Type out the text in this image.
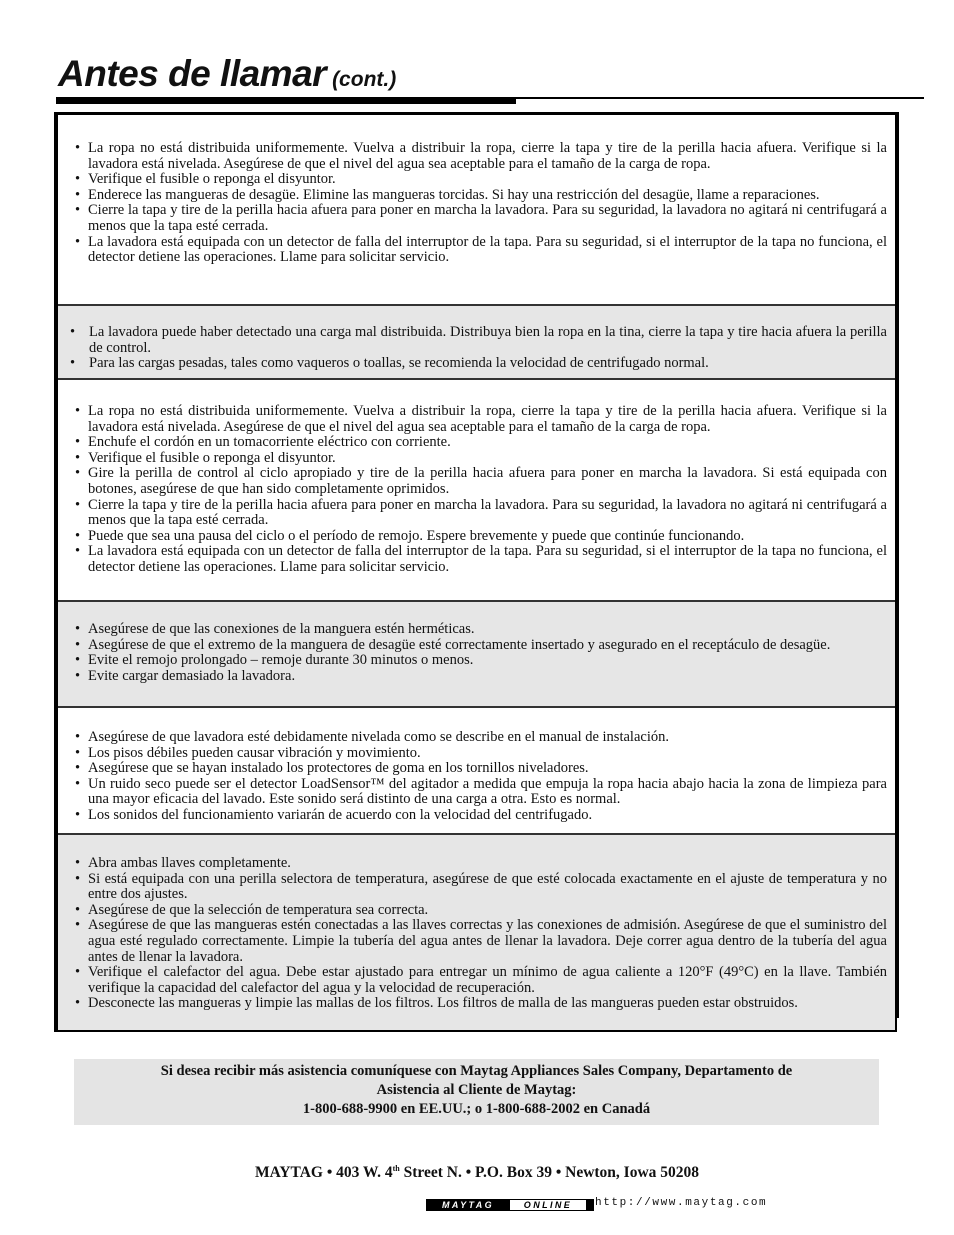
Antes de llamar (cont.)
• La ropa no está distribuida uniformemente. Vuelva a distribuir la ropa, cierre la tapa y tire de la perilla hacia afuera. Verifique si la lavadora está nivelada. Asegúrese de que el nivel del agua sea aceptable para el tamaño de la carga de ropa.
• Verifique el fusible o reponga el disyuntor.
• Enderece las mangueras de desagüe. Elimine las mangueras torcidas. Si hay una restricción del desagüe, llame a reparaciones.
• Cierre la tapa y tire de la perilla hacia afuera para poner en marcha la lavadora. Para su seguridad, la lavadora no agitará ni centrifugará a menos que la tapa esté cerrada.
• La lavadora está equipada con un detector de falla del interruptor de la tapa. Para su seguridad, si el interruptor de la tapa no funciona, el detector detiene las operaciones. Llame para solicitar servicio.
• La lavadora puede haber detectado una carga mal distribuida. Distribuya bien la ropa en la tina, cierre la tapa y tire hacia afuera la perilla de control.
• Para las cargas pesadas, tales como vaqueros o toallas, se recomienda la velocidad de centrifugado normal.
• La ropa no está distribuida uniformemente. Vuelva a distribuir la ropa, cierre la tapa y tire de la perilla hacia afuera. Verifique si la lavadora está nivelada. Asegúrese de que el nivel del agua sea aceptable para el tamaño de la carga de ropa.
• Enchufe el cordón en un tomacorriente eléctrico con corriente.
• Verifique el fusible o reponga el disyuntor.
• Gire la perilla de control al ciclo apropiado y tire de la perilla hacia afuera para poner en marcha la lavadora. Si está equipada con botones, asegúrese de que han sido completamente oprimidos.
• Cierre la tapa y tire de la perilla hacia afuera para poner en marcha la lavadora. Para su seguridad, la lavadora no agitará ni centrifugará a menos que la tapa esté cerrada.
• Puede que sea una pausa del ciclo o el período de remojo. Espere brevemente y puede que continúe funcionando.
• La lavadora está equipada con un detector de falla del interruptor de la tapa. Para su seguridad, si el interruptor de la tapa no funciona, el detector detiene las operaciones. Llame para solicitar servicio.
• Asegúrese de que las conexiones de la manguera estén herméticas.
• Asegúrese de que el extremo de la manguera de desagüe esté correctamente insertado y asegurado en el receptáculo de desagüe.
• Evite el remojo prolongado – remoje durante 30 minutos o menos.
• Evite cargar demasiado la lavadora.
• Asegúrese de que lavadora esté debidamente nivelada como se describe en el manual de instalación.
• Los pisos débiles pueden causar vibración y movimiento.
• Asegúrese que se hayan instalado los protectores de goma en los tornillos niveladores.
• Un ruido seco puede ser el detector LoadSensor™ del agitador a medida que empuja la ropa hacia abajo hacia la zona de limpieza para una mayor eficacia del lavado. Este sonido será distinto de una carga a otra. Esto es normal.
• Los sonidos del funcionamiento variarán de acuerdo con la velocidad del centrifugado.
• Abra ambas llaves completamente.
• Si está equipada con una perilla selectora de temperatura, asegúrese de que esté colocada exactamente en el ajuste de temperatura y no entre dos ajustes.
• Asegúrese de que la selección de temperatura sea correcta.
• Asegúrese de que las mangueras estén conectadas a las llaves correctas y las conexiones de admisión. Asegúrese de que el suministro del agua esté regulado correctamente. Limpie la tubería del agua antes de llenar la lavadora. Deje correr agua dentro de la tubería del agua antes de llenar la lavadora.
• Verifique el calefactor del agua. Debe estar ajustado para entregar un mínimo de agua caliente a 120°F (49°C) en la llave. También verifique la capacidad del calefactor del agua y la velocidad de recuperación.
• Desconecte las mangueras y limpie las mallas de los filtros. Los filtros de malla de las mangueras pueden estar obstruidos.
Si desea recibir más asistencia comuníquese con Maytag Appliances Sales Company, Departamento de
Asistencia al Cliente de Maytag:
1-800-688-9900 en EE.UU.; o 1-800-688-2002 en Canadá
MAYTAG • 403 W. 4th Street N. • P.O. Box 39 • Newton, Iowa 50208
MAYTAG	ONLINE	http://www.maytag.com
